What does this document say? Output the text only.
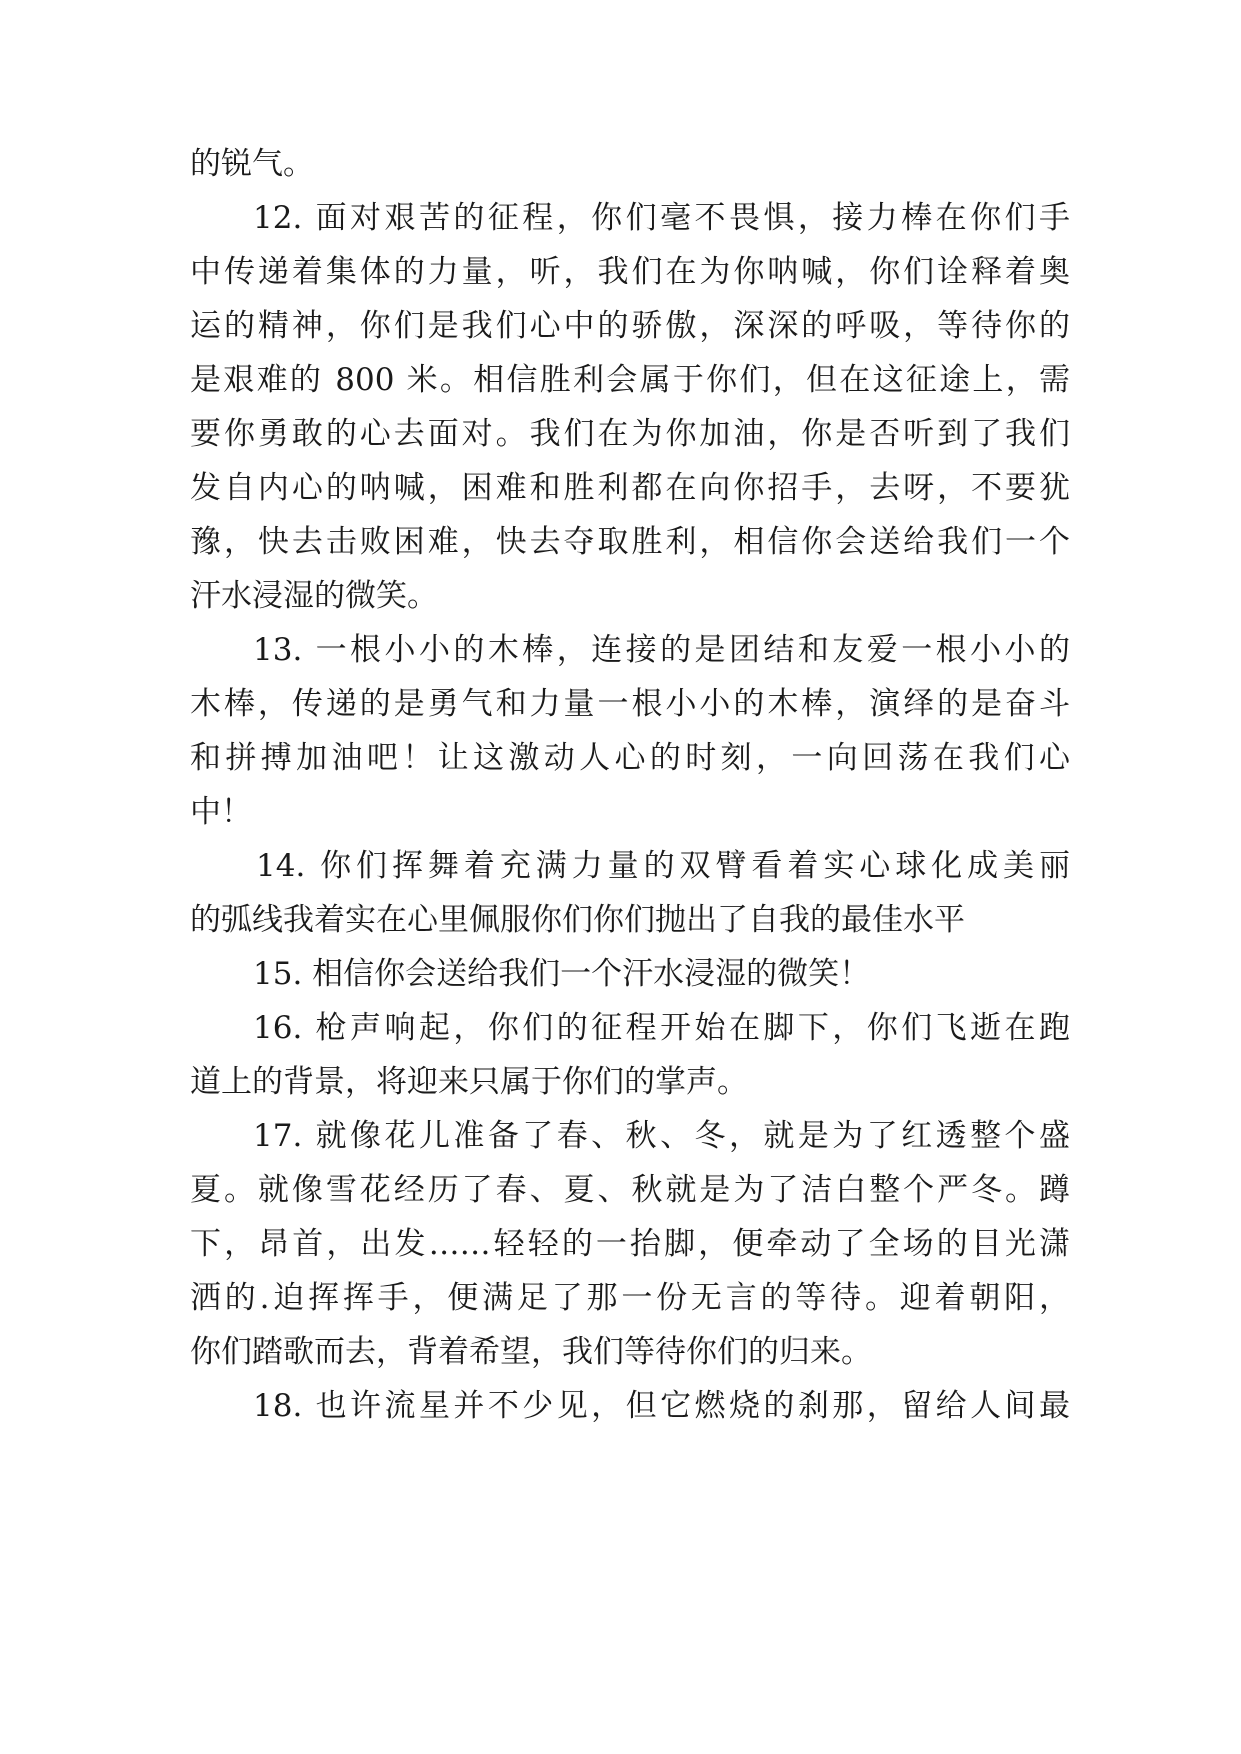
的锐气。
12. 面对艰苦的征程，你们毫不畏惧，接力棒在你们手
中传递着集体的力量，听，我们在为你呐喊，你们诠释着奥
运的精神，你们是我们心中的骄傲，深深的呼吸，等待你的
是艰难的 800 米。相信胜利会属于你们，但在这征途上，需
要你勇敢的心去面对。我们在为你加油，你是否听到了我们
发自内心的呐喊，困难和胜利都在向你招手，去呀，不要犹
豫，快去击败困难，快去夺取胜利，相信你会送给我们一个
汗水浸湿的微笑。
13. 一根小小的木棒，连接的是团结和友爱一根小小的
木棒，传递的是勇气和力量一根小小的木棒，演绎的是奋斗
和拼搏加油吧！让这激动人心的时刻，一向回荡在我们心
中！
14. 你们挥舞着充满力量的双臂看着实心球化成美丽
的弧线我着实在心里佩服你们你们抛出了自我的最佳水平
15. 相信你会送给我们一个汗水浸湿的微笑！
16. 枪声响起，你们的征程开始在脚下，你们飞逝在跑
道上的背景，将迎来只属于你们的掌声。
17. 就像花儿准备了春、秋、冬，就是为了红透整个盛
夏。就像雪花经历了春、夏、秋就是为了洁白整个严冬。蹲
下，昂首，出发……轻轻的一抬脚，便牵动了全场的目光潇
洒的.迫挥挥手，便满足了那一份无言的等待。迎着朝阳，
你们踏歌而去，背着希望，我们等待你们的归来。
18. 也许流星并不少见，但它燃烧的刹那，留给人间最
